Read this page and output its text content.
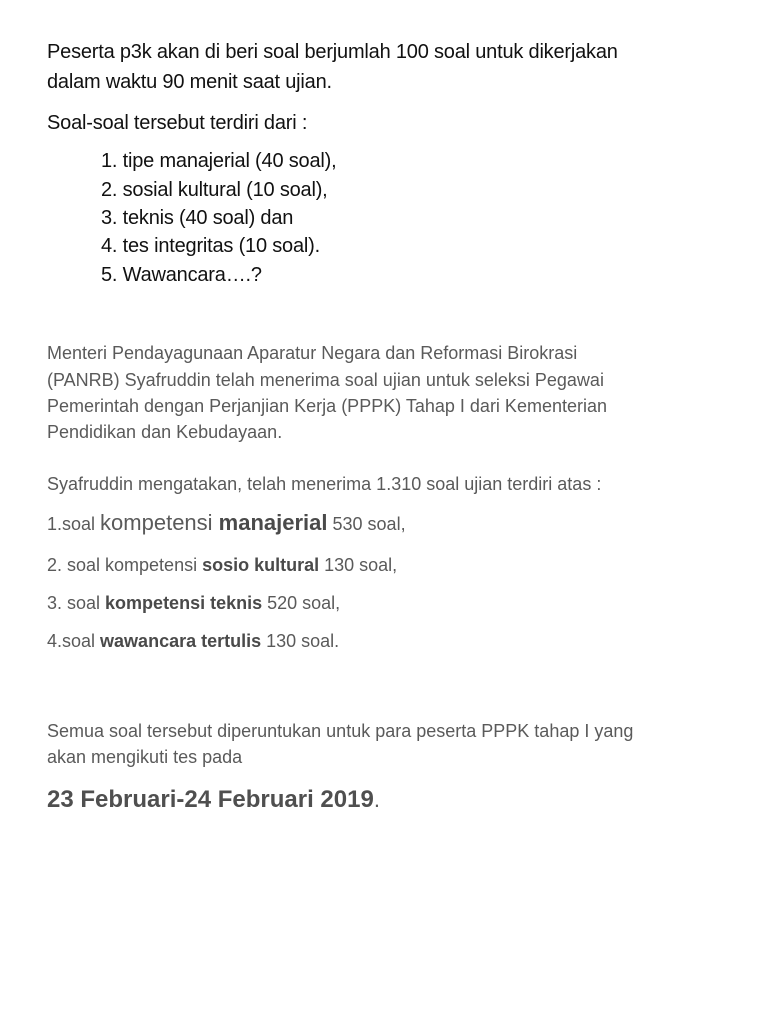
Peserta p3k akan di beri soal berjumlah 100 soal untuk dikerjakan
dalam waktu 90 menit saat ujian.
Soal-soal tersebut terdiri dari :
1. tipe manajerial (40 soal),
2. sosial kultural (10 soal),
3. teknis (40 soal) dan
4. tes integritas (10 soal).
5. Wawancara….?
Menteri Pendayagunaan Aparatur Negara dan Reformasi Birokrasi
(PANRB) Syafruddin telah menerima soal ujian untuk seleksi Pegawai
Pemerintah dengan Perjanjian Kerja (PPPK) Tahap I dari Kementerian
Pendidikan dan Kebudayaan.
Syafruddin mengatakan, telah menerima 1.310 soal ujian terdiri atas :
1.soal kompetensi manajerial 530 soal,
2. soal kompetensi sosio kultural 130 soal,
3. soal kompetensi teknis 520 soal,
4.soal wawancara tertulis 130 soal.
Semua soal tersebut diperuntukan untuk para peserta PPPK tahap I yang
akan mengikuti tes pada
23 Februari-24 Februari 2019.
